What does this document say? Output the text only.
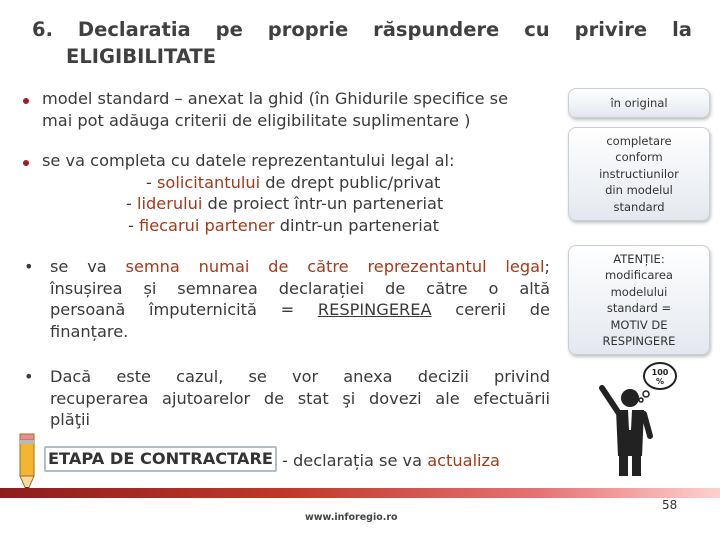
6. Declaratia pe proprie răspundere cu privire la
ELIGIBILITATE
model standard – anexat la ghid (în Ghidurile specifice se
mai pot adăuga criterii de eligibilitate suplimentare )
se va completa cu datele reprezentantului legal al:
- solicitantului de drept public/privat
- liderului de proiect într-un parteneriat
- fiecarui partener dintr-un parteneriat
• se va semna numai de către reprezentantul legal;
însușirea și semnarea declarației de către o altă
persoană împuternicită = RESPINGEREA cererii de
finanțare.
• Dacă este cazul, se vor anexa decizii privind
recuperarea ajutoarelor de stat şi dovezi ale efectuării
plăţii
ETAPA DE CONTRACTARE - declarația se va actualiza
în original
completare
conform
instructiunilor
din modelul
standard
ATENȚIE:
modificarea
modelului
standard =
MOTIV DE
RESPINGERE
100
%
58
www.inforegio.ro
